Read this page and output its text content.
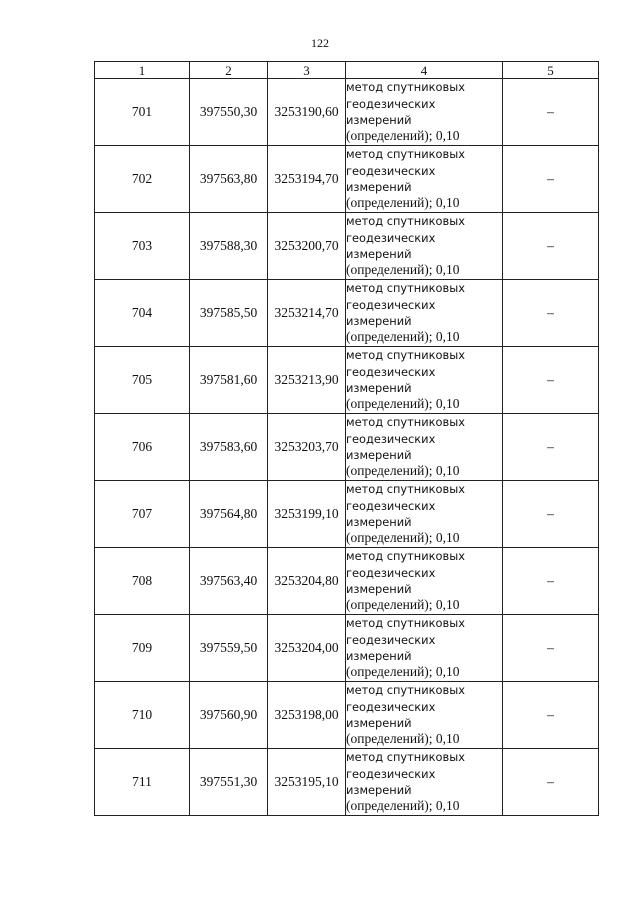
122
1	2	3	4	5
701	397550,30	3253190,60	метод спутниковых
геодезических
измерений
(определений); 0,10	–
702	397563,80	3253194,70	метод спутниковых
геодезических
измерений
(определений); 0,10	–
703	397588,30	3253200,70	метод спутниковых
геодезических
измерений
(определений); 0,10	–
704	397585,50	3253214,70	метод спутниковых
геодезических
измерений
(определений); 0,10	–
705	397581,60	3253213,90	метод спутниковых
геодезических
измерений
(определений); 0,10	–
706	397583,60	3253203,70	метод спутниковых
геодезических
измерений
(определений); 0,10	–
707	397564,80	3253199,10	метод спутниковых
геодезических
измерений
(определений); 0,10	–
708	397563,40	3253204,80	метод спутниковых
геодезических
измерений
(определений); 0,10	–
709	397559,50	3253204,00	метод спутниковых
геодезических
измерений
(определений); 0,10	–
710	397560,90	3253198,00	метод спутниковых
геодезических
измерений
(определений); 0,10	–
711	397551,30	3253195,10	метод спутниковых
геодезических
измерений
(определений); 0,10	–
